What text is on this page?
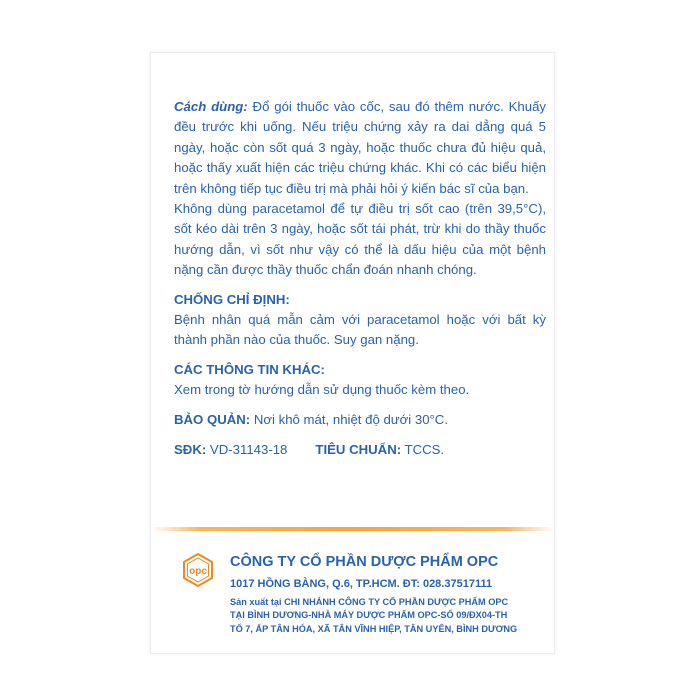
Cách dùng: Đổ gói thuốc vào cốc, sau đó thêm nước. Khuấy đều trước khi uống. Nếu triệu chứng xảy ra dai dẳng quá 5 ngày, hoặc còn sốt quá 3 ngày, hoặc thuốc chưa đủ hiệu quả, hoặc thấy xuất hiện các triệu chứng khác. Khi có các biểu hiện trên không tiếp tục điều trị mà phải hỏi ý kiến bác sĩ của bạn.

Không dùng paracetamol để tự điều trị sốt cao (trên 39,5°C), sốt kéo dài trên 3 ngày, hoặc sốt tái phát, trừ khi do thầy thuốc hướng dẫn, vì sốt như vậy có thể là dấu hiệu của một bệnh nặng cần được thầy thuốc chẩn đoán nhanh chóng.

CHỐNG CHỈ ĐỊNH:

Bệnh nhân quá mẫn cảm với paracetamol hoặc với bất kỳ thành phần nào của thuốc. Suy gan nặng.

CÁC THÔNG TIN KHÁC:

Xem trong tờ hướng dẫn sử dụng thuốc kèm theo.

BẢO QUẢN: Nơi khô mát, nhiệt độ dưới 30°C.

SĐK: VD-31143-18 TIÊU CHUẨN: TCCS.
opc
CÔNG TY CỔ PHẦN DƯỢC PHẨM OPC
1017 HỒNG BÀNG, Q.6, TP.HCM. ĐT: 028.37517111
Sản xuất tại CHI NHÁNH CÔNG TY CỔ PHẦN DƯỢC PHẨM OPC
TẠI BÌNH DƯƠNG-NHÀ MÁY DƯỢC PHẨM OPC-SỐ 09/ĐX04-TH
TỔ 7, ẤP TÂN HÓA, XÃ TÂN VĨNH HIỆP, TÂN UYÊN, BÌNH DƯƠNG
